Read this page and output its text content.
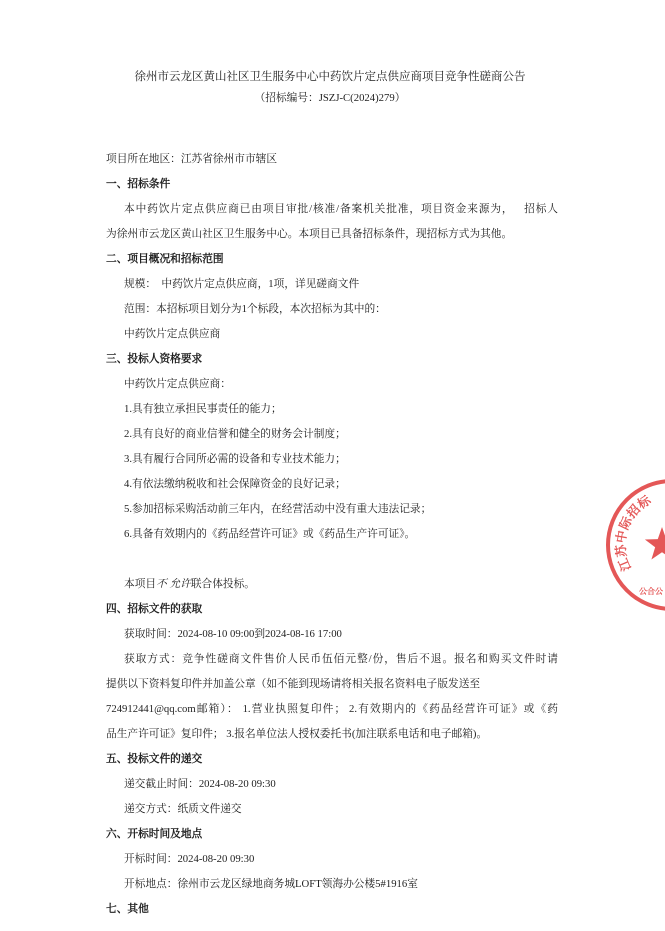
徐州市云龙区黄山社区卫生服务中心中药饮片定点供应商项目竞争性磋商公告
（招标编号：JSZJ-C(2024)279）
项目所在地区：江苏省徐州市市辖区
一、招标条件
本中药饮片定点供应商已由项目审批/核准/备案机关批准，项目资金来源为，   招标人
为徐州市云龙区黄山社区卫生服务中心。本项目已具备招标条件，现招标方式为其他。
二、项目概况和招标范围
规模：  中药饮片定点供应商，1项，详见磋商文件
范围：本招标项目划分为1个标段，本次招标为其中的：
中药饮片定点供应商
三、投标人资格要求
中药饮片定点供应商：
1.具有独立承担民事责任的能力；
2.具有良好的商业信誉和健全的财务会计制度；
3.具有履行合同所必需的设备和专业技术能力；
4.有依法缴纳税收和社会保障资金的良好记录；
5.参加招标采购活动前三年内，在经营活动中没有重大违法记录；
6.具备有效期内的《药品经营许可证》或《药品生产许可证》。
本项目不 允许联合体投标。
四、招标文件的获取
获取时间：2024-08-10 09:00到2024-08-16 17:00
获取方式：竞争性磋商文件售价人民币伍佰元整/份，售后不退。报名和购买文件时请
提供以下资料复印件并加盖公章（如不能到现场请将相关报名资料电子版发送至
724912441@qq.com邮箱）： 1.营业执照复印件； 2.有效期内的《药品经营许可证》或《药
品生产许可证》复印件； 3.报名单位法人授权委托书(加注联系电话和电子邮箱)。
五、投标文件的递交
递交截止时间：2024-08-20 09:30
递交方式：纸质文件递交
六、开标时间及地点
开标时间：2024-08-20 09:30
开标地点：徐州市云龙区绿地商务城LOFT领海办公楼5#1916室
七、其他
江苏中际招标
公合公
